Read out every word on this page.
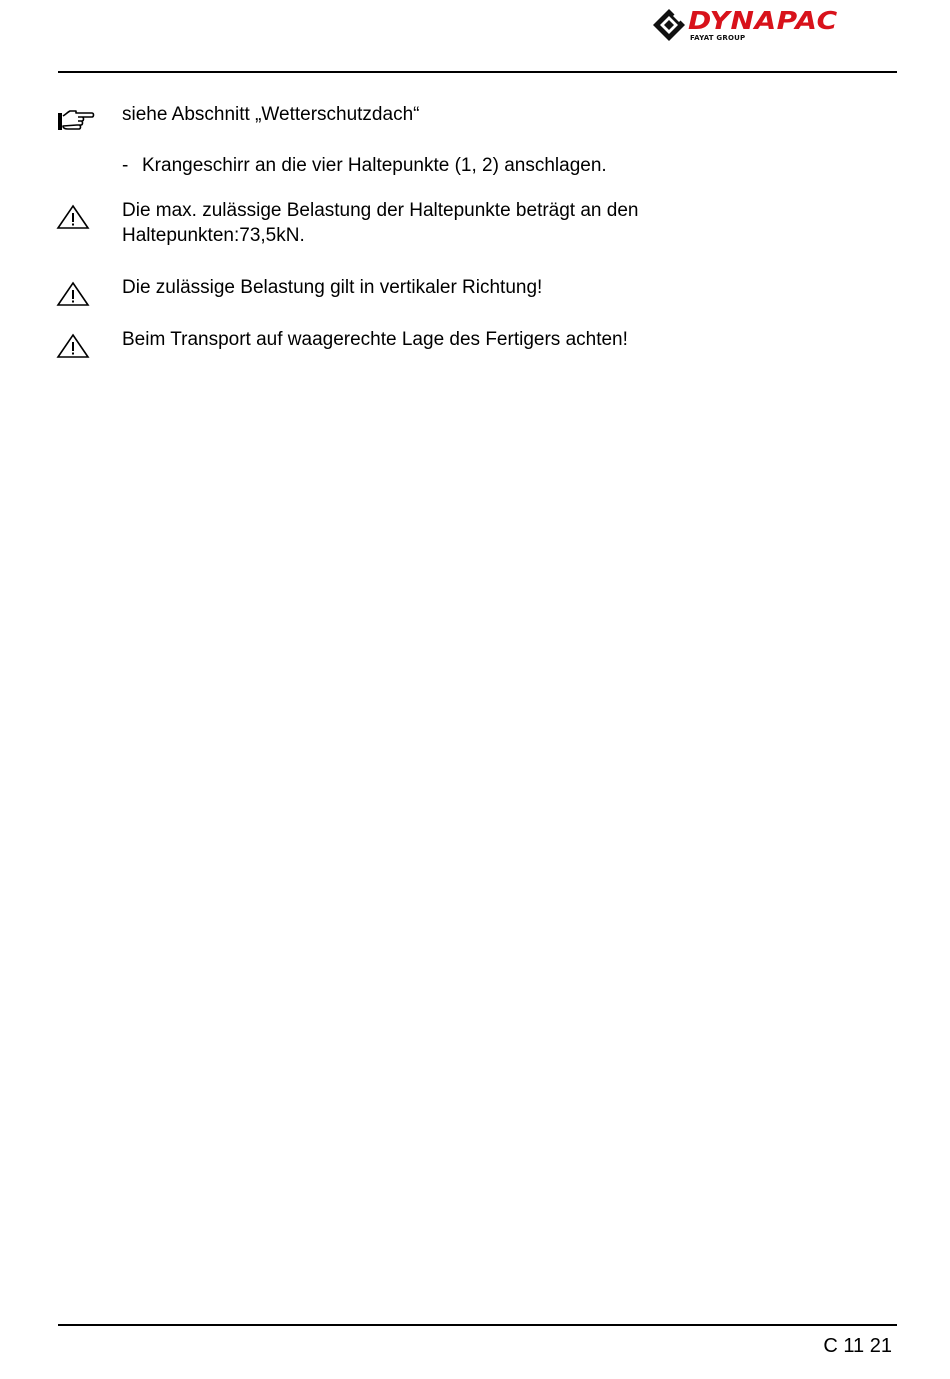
DYNAPAC
FAYAT GROUP
siehe Abschnitt „Wetterschutzdach“
- Krangeschirr an die vier Haltepunkte (1, 2) anschlagen.
Die max. zulässige Belastung der Haltepunkte beträgt an den
Haltepunkten:73,5kN.
Die zulässige Belastung gilt in vertikaler Richtung!
Beim Transport auf waagerechte Lage des Fertigers achten!
C 11 21
